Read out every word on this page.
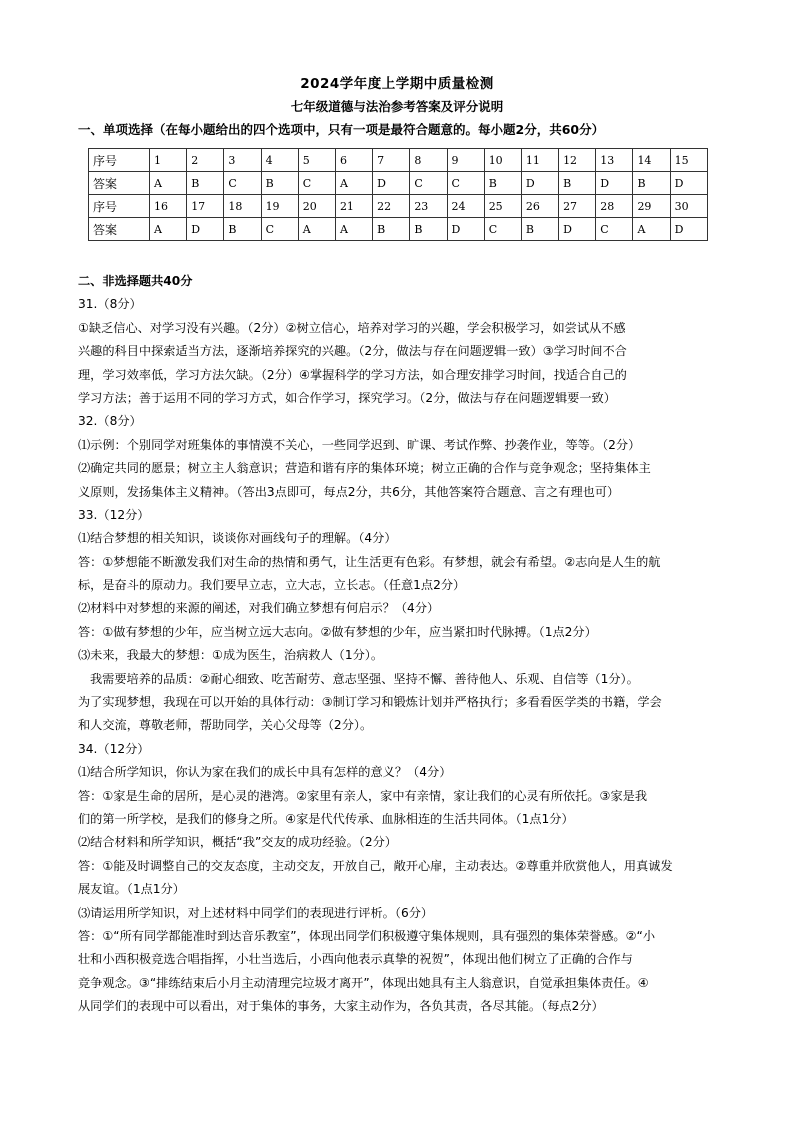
2024学年度上学期中质量检测
七年级道德与法治参考答案及评分说明
一、单项选择（在每小题给出的四个选项中，只有一项是最符合题意的。每小题2分，共60分）
序号	1	2	3	4	5	6	7	8	9	10	11	12	13	14	15
答案	A	B	C	B	C	A	D	C	C	B	D	B	D	B	D
序号	16	17	18	19	20	21	22	23	24	25	26	27	28	29	30
答案	A	D	B	C	A	A	B	B	D	C	B	D	C	A	D
二、非选择题共40分
31.（8分）
①缺乏信心、对学习没有兴趣。（2分）②树立信心，培养对学习的兴趣，学会积极学习，如尝试从不感
兴趣的科目中探索适当方法，逐渐培养探究的兴趣。（2分，做法与存在问题逻辑一致）③学习时间不合
理，学习效率低，学习方法欠缺。（2分）④掌握科学的学习方法，如合理安排学习时间，找适合自己的
学习方法；善于运用不同的学习方式，如合作学习，探究学习。（2分，做法与存在问题逻辑要一致）
32.（8分）
⑴示例：个别同学对班集体的事情漠不关心，一些同学迟到、旷课、考试作弊、抄袭作业，等等。（2分）
⑵确定共同的愿景；树立主人翁意识；营造和谐有序的集体环境；树立正确的合作与竞争观念；坚持集体主
义原则，发扬集体主义精神。（答出3点即可，每点2分，共6分，其他答案符合题意、言之有理也可）
33.（12分）
⑴结合梦想的相关知识，谈谈你对画线句子的理解。（4分）
答：①梦想能不断激发我们对生命的热情和勇气，让生活更有色彩。有梦想，就会有希望。②志向是人生的航
标，是奋斗的原动力。我们要早立志，立大志，立长志。（任意1点2分）
⑵材料中对梦想的来源的阐述，对我们确立梦想有何启示？（4分）
答：①做有梦想的少年，应当树立远大志向。②做有梦想的少年，应当紧扣时代脉搏。（1点2分）
⑶未来，我最大的梦想：①成为医生，治病救人（1分）。
我需要培养的品质：②耐心细致、吃苦耐劳、意志坚强、坚持不懈、善待他人、乐观、自信等（1分）。
为了实现梦想，我现在可以开始的具体行动：③制订学习和锻炼计划并严格执行；多看看医学类的书籍，学会
和人交流，尊敬老师，帮助同学，关心父母等（2分）。
34.（12分）
⑴结合所学知识，你认为家在我们的成长中具有怎样的意义？（4分）
答：①家是生命的居所，是心灵的港湾。②家里有亲人，家中有亲情，家让我们的心灵有所依托。③家是我
们的第一所学校，是我们的修身之所。④家是代代传承、血脉相连的生活共同体。（1点1分）
⑵结合材料和所学知识，概括“我”交友的成功经验。（2分）
答：①能及时调整自己的交友态度，主动交友，开放自己，敞开心扉，主动表达。②尊重并欣赏他人，用真诚发
展友谊。（1点1分）
⑶请运用所学知识，对上述材料中同学们的表现进行评析。（6分）
答：①“所有同学都能准时到达音乐教室”，体现出同学们积极遵守集体规则，具有强烈的集体荣誉感。②“小
壮和小西积极竞选合唱指挥，小壮当选后，小西向他表示真挚的祝贺”，体现出他们树立了正确的合作与
竞争观念。③“排练结束后小月主动清理完垃圾才离开”，体现出她具有主人翁意识，自觉承担集体责任。④
从同学们的表现中可以看出，对于集体的事务，大家主动作为，各负其责，各尽其能。（每点2分）
